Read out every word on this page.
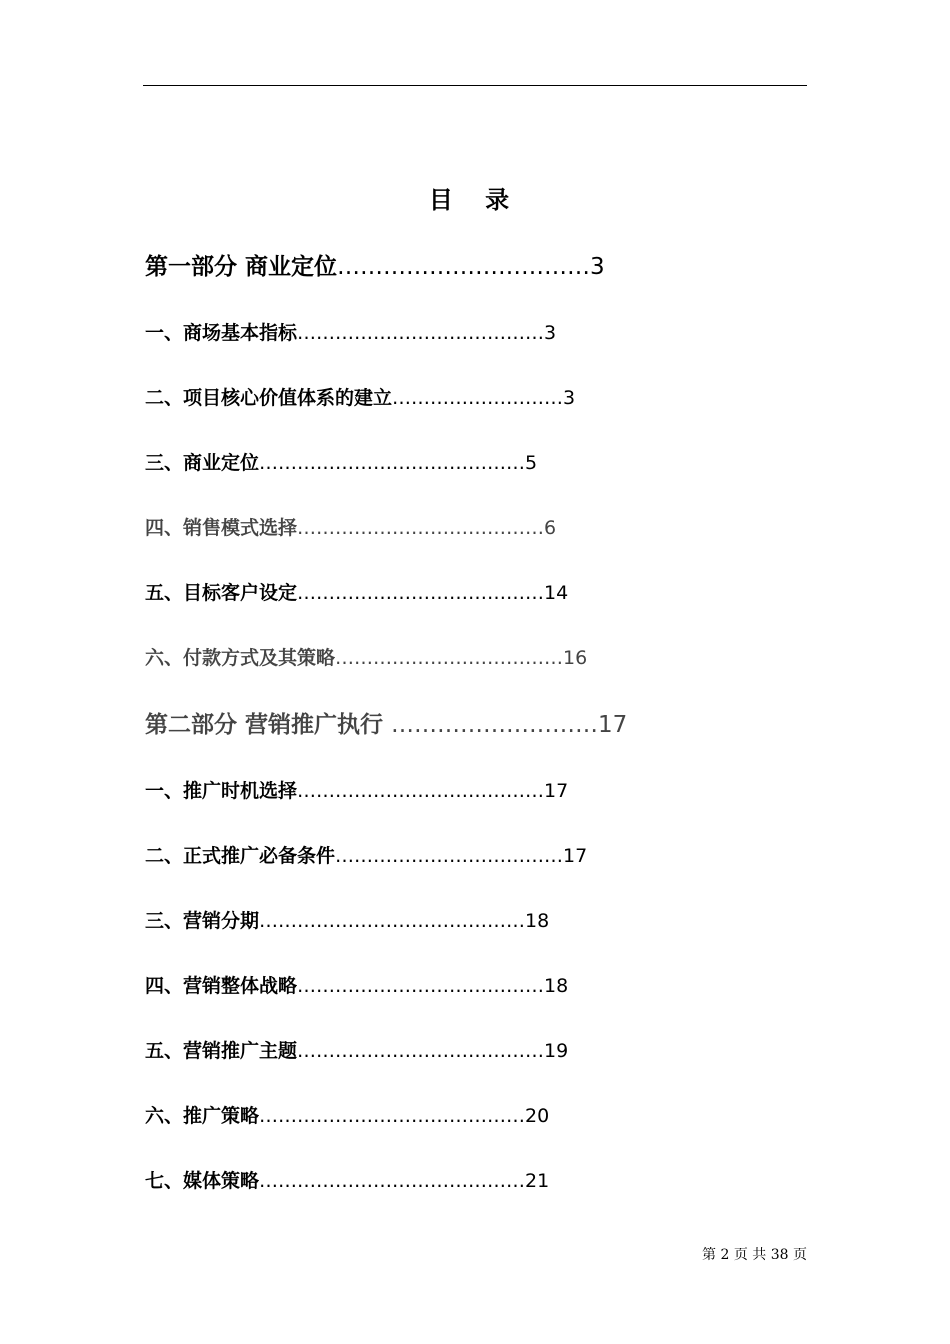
目 录
第一部分 商业定位……………………………3
一、商场基本指标…………………………………3
二、项目核心价值体系的建立………………………3
三、商业定位……………………………………5
四、销售模式选择…………………………………6
五、目标客户设定…………………………………14
六、付款方式及其策略………………………………16
第二部分 营销推广执行 ………………………17
一、推广时机选择…………………………………17
二、正式推广必备条件………………………………17
三、营销分期……………………………………18
四、营销整体战略…………………………………18
五、营销推广主题…………………………………19
六、推广策略……………………………………20
七、媒体策略……………………………………21
第 2 页 共 38 页
